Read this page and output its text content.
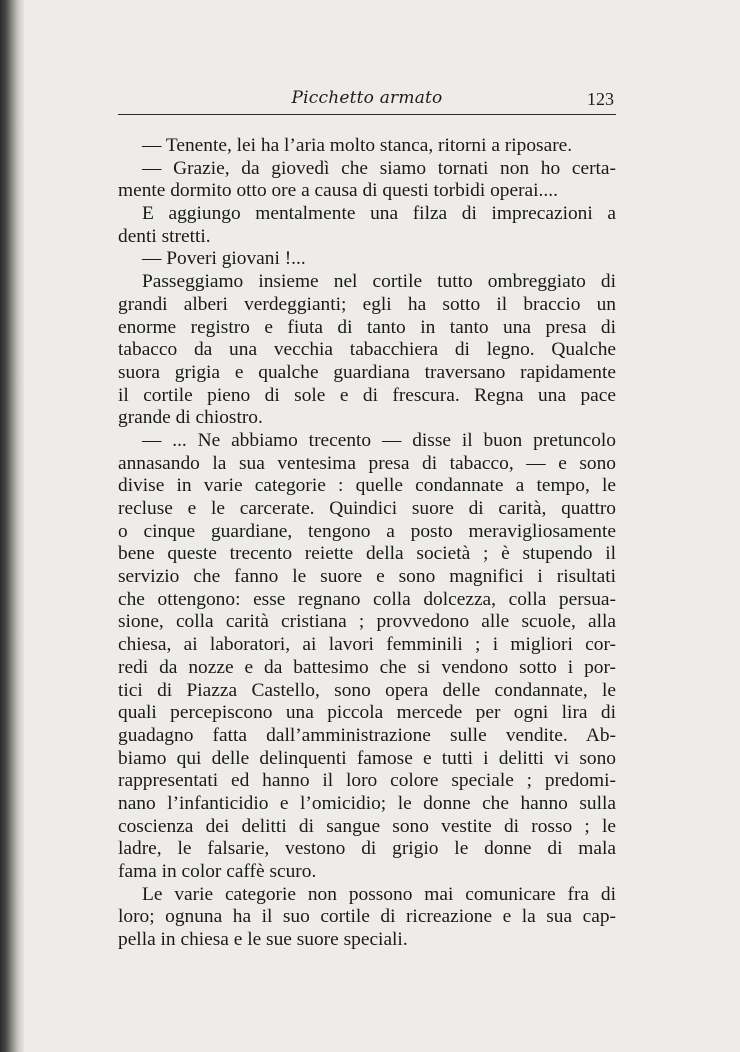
Picchetto armato	123
— Tenente, lei ha l’aria molto stanca, ritorni a riposare.
— Grazie, da giovedì che siamo tornati non ho certa-
mente dormito otto ore a causa di questi torbidi operai....
E aggiungo mentalmente una filza di imprecazioni a
denti stretti.
— Poveri giovani !...
Passeggiamo insieme nel cortile tutto ombreggiato di
grandi alberi verdeggianti; egli ha sotto il braccio un
enorme registro e fiuta di tanto in tanto una presa di
tabacco da una vecchia tabacchiera di legno. Qualche
suora grigia e qualche guardiana traversano rapidamente
il cortile pieno di sole e di frescura. Regna una pace
grande di chiostro.
— ... Ne abbiamo trecento — disse il buon pretuncolo
annasando la sua ventesima presa di tabacco, — e sono
divise in varie categorie : quelle condannate a tempo, le
recluse e le carcerate. Quindici suore di carità, quattro
o cinque guardiane, tengono a posto meravigliosamente
bene queste trecento reiette della società ; è stupendo il
servizio che fanno le suore e sono magnifici i risultati
che ottengono: esse regnano colla dolcezza, colla persua-
sione, colla carità cristiana ; provvedono alle scuole, alla
chiesa, ai laboratori, ai lavori femminili ; i migliori cor-
redi da nozze e da battesimo che si vendono sotto i por-
tici di Piazza Castello, sono opera delle condannate, le
quali percepiscono una piccola mercede per ogni lira di
guadagno fatta dall’amministrazione sulle vendite. Ab-
biamo qui delle delinquenti famose e tutti i delitti vi sono
rappresentati ed hanno il loro colore speciale ; predomi-
nano l’infanticidio e l’omicidio; le donne che hanno sulla
coscienza dei delitti di sangue sono vestite di rosso ; le
ladre, le falsarie, vestono di grigio le donne di mala
fama in color caffè scuro.
Le varie categorie non possono mai comunicare fra di
loro; ognuna ha il suo cortile di ricreazione e la sua cap-
pella in chiesa e le sue suore speciali.
